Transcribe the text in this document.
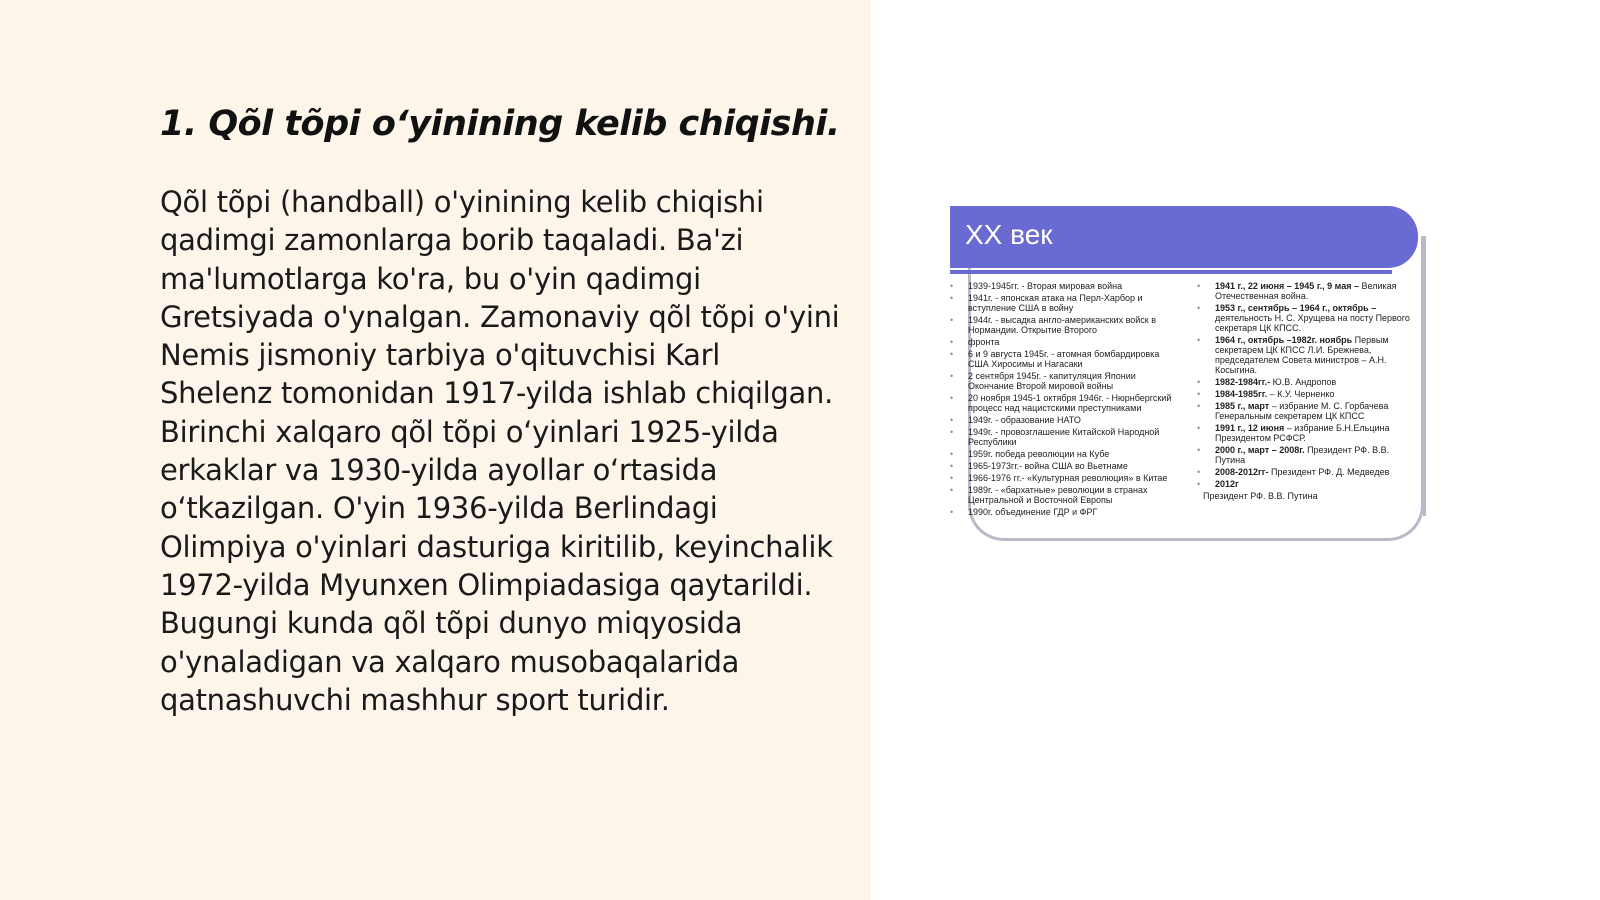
1. Qõl tõpi o‘yinining kelib chiqishi.

Qõl tõpi (handball) o'yinining kelib chiqishi qadimgi zamonlarga borib taqaladi. Ba'zi ma'lumotlarga ko'ra, bu o'yin qadimgi Gretsiyada o'ynalgan. Zamonaviy qõl tõpi o'yini Nemis jismoniy tarbiya o'qituvchisi Karl Shelenz tomonidan 1917-yilda ishlab chiqilgan. Birinchi xalqaro qõl tõpi o‘yinlari 1925-yilda erkaklar va 1930-yilda ayollar o‘rtasida o‘tkazilgan. O'yin 1936-yilda Berlindagi Olimpiya o'yinlari dasturiga kiritilib, keyinchalik 1972-yilda Myunxen Olimpiadasiga qaytarildi. Bugungi kunda qõl tõpi dunyo miqyosida o'ynaladigan va xalqaro musobaqalarida qatnashuvchi mashhur sport turidir.

XX век
• 1939-1945гг. - Вторая мировая война
• 1941г. - японская атака на Перл-Харбор и вступление США в войну
• 1944г. - высадка англо-американских войск в Нормандии. Открытие Второго
• фронта
• 6 и 9 августа 1945г. - атомная бомбардировка США Хиросимы и Нагасаки
• 2 сентября 1945г. - капитуляция Японии Окончание Второй мировой войны
• 20 ноября 1945-1 октября 1946г. - Нюрнбергский процесс над нацистскими преступниками
• 1949г. - образование НАТО
• 1949г. - провозглашение Китайской Народной Республики
• 1959г. победа революции на Кубе
• 1965-1973гг.- война США во Вьетнаме
• 1966-1976 гг.- «Культурная революция» в Китае
• 1989г. - «бархатные» революции в странах Центральной и Восточной Европы
• 1990г. объединение ГДР и ФРГ
• 1941 г., 22 июня – 1945 г., 9 мая – Великая Отечественная война.
• 1953 г., сентябрь – 1964 г., октябрь – деятельность Н. С. Хрущева на посту Первого секретаря ЦК КПСС.
• 1964 г., октябрь –1982г. ноябрь Первым секретарем ЦК КПСС Л.И. Брежнева, председателем Совета министров – А.Н. Косыгина.
• 1982-1984гг.- Ю.В. Андропов
• 1984-1985гг. – К.У. Черненко
• 1985 г., март – избрание М. С. Горбачева Генеральным секретарем ЦК КПСС
• 1991 г., 12 июня – избрание Б.Н.Ельцина Президентом РСФСР.
• 2000 г., март – 2008г. Президент РФ. В.В. Путина
• 2008-2012гг- Президент РФ. Д. Медведев
• 2012г
Президент РФ. В.В. Путина
